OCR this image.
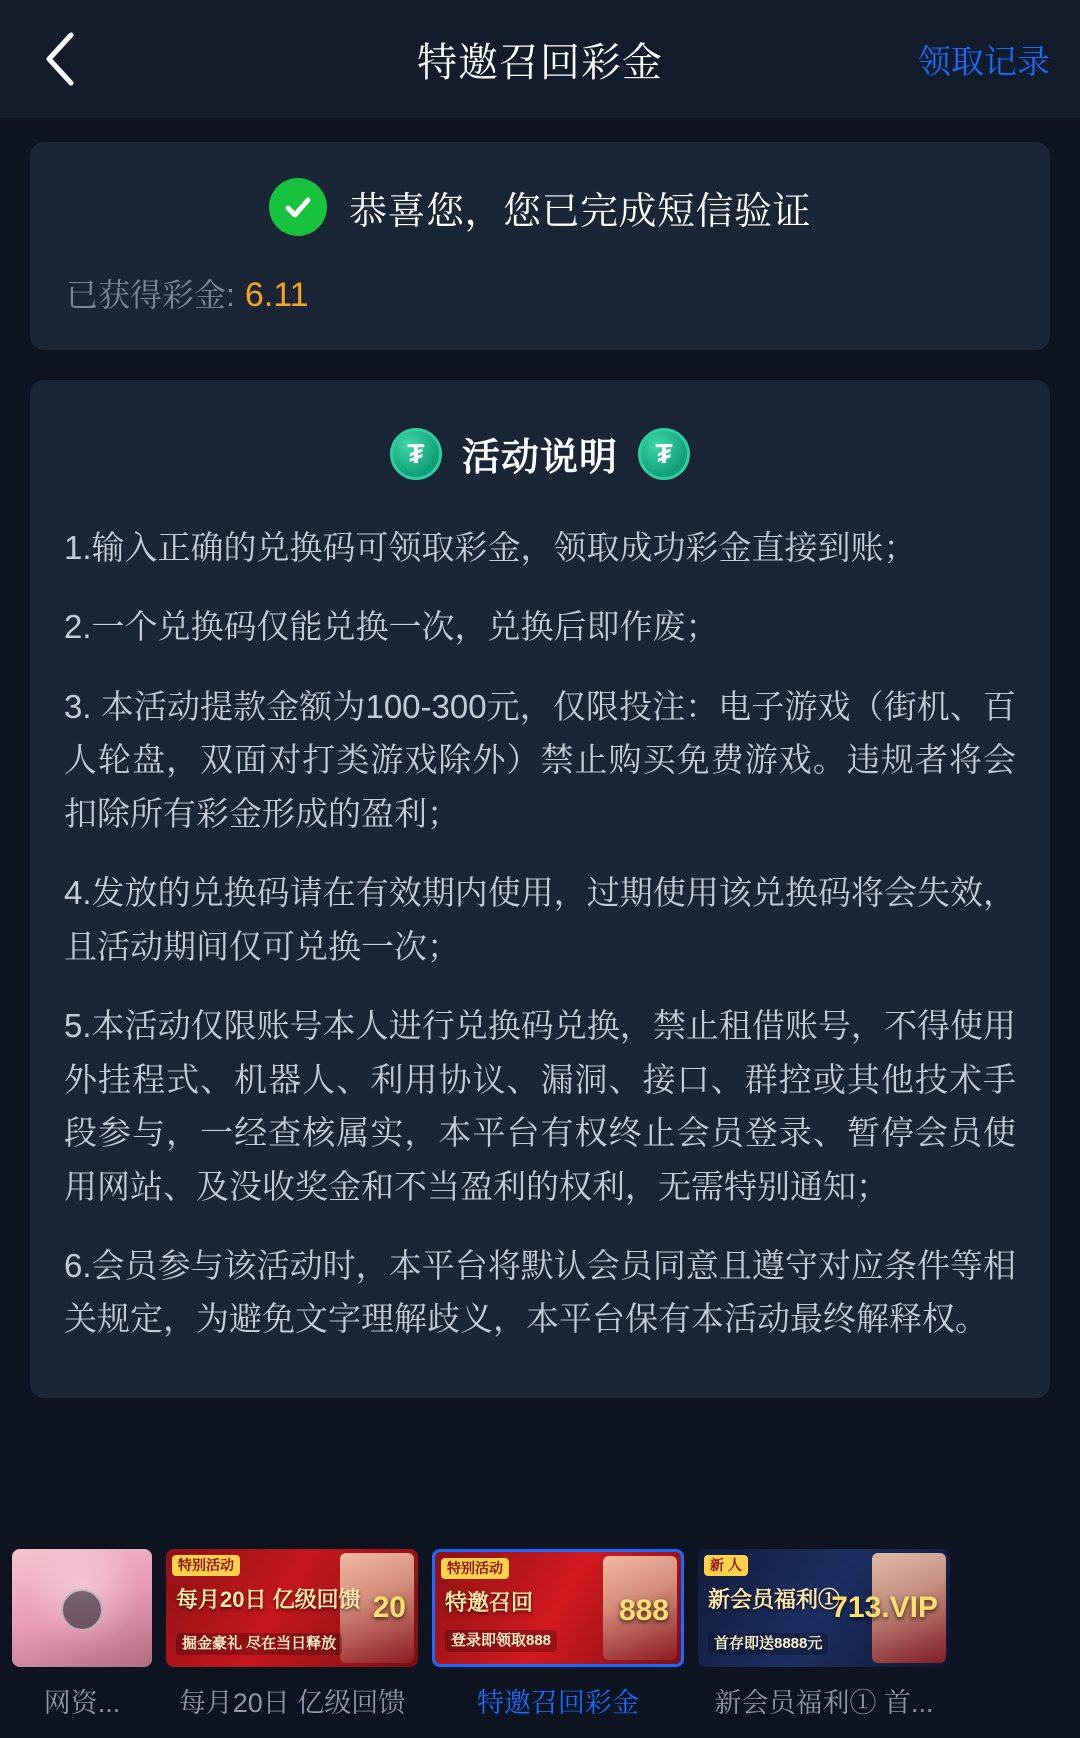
特邀召回彩金	领取记录
恭喜您，您已完成短信验证
已获得彩金: 6.11
₮ 活动说明	₮

1.输入正确的兑换码可领取彩金，领取成功彩金直接到账；

2.一个兑换码仅能兑换一次，兑换后即作废；

3. 本活动提款金额为100-300元，仅限投注：电子游戏（街机、百人轮盘，双面对打类游戏除外）禁止购买免费游戏。违规者将会扣除所有彩金形成的盈利；

4.发放的兑换码请在有效期内使用，过期使用该兑换码将会失效，且活动期间仅可兑换一次；

5.本活动仅限账号本人进行兑换码兑换，禁止租借账号，不得使用外挂程式、机器人、利用协议、漏洞、接口、群控或其他技术手段参与，一经查核属实，本平台有权终止会员登录、暂停会员使用网站、及没收奖金和不当盈利的权利，无需特别通知；

6.会员参与该活动时，本平台将默认会员同意且遵守对应条件等相关规定，为避免文字理解歧义，本平台保有本活动最终解释权。

网资...
特别活动
每月20日 亿级回馈
掘金豪礼 尽在当日释放
20
每月20日 亿级回馈
特别活动
特邀召回
登录即领取888
888
特邀召回彩金
新 人
新会员福利①
首存即送8888元
713.VIP
新会员福利① 首...
